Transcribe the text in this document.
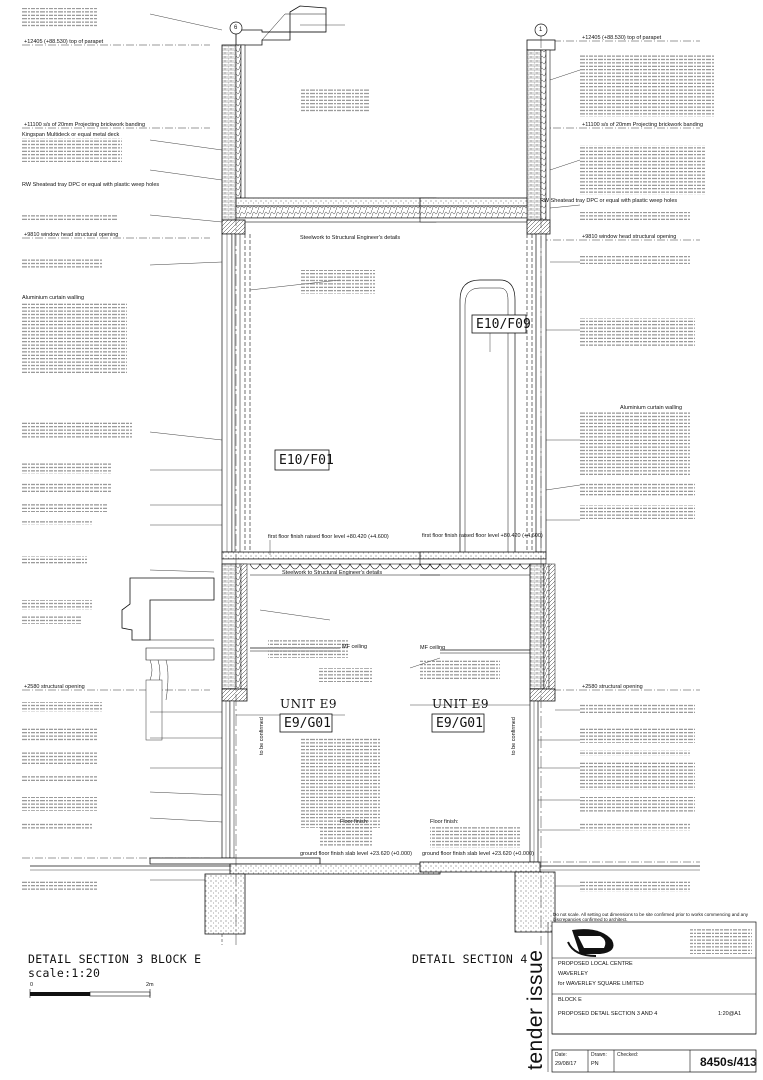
6	1
+12405 (+88.530) top of parapet
+11100 s/s of 20mm Projecting brickwork banding
+9810 window head structural opening
first floor finish raised floor level +80.420 (+4.600)
+2580 structural opening
ground floor finish slab level +23.620 (+0.000)
+12405 (+88.530) top of parapet
+11100 s/s of 20mm Projecting brickwork banding
+9810 window head structural opening
first floor finish raised floor level +80.420 (+4.600)
+2580 structural opening
ground floor finish slab level +23.620 (+0.000)
Steelwork to Structural Engineer's details
Steelwork to Structural Engineer's details
MF ceiling	MF ceiling
Aluminium curtain walling
Aluminium curtain walling
Kingspan Multideck or equal metal deck
RW Sheatead tray DPC or equal with plastic weep holes
RW Sheatead tray DPC or equal with plastic weep holes
Floor finish:	Floor finish:
to be confirmed	to be confirmed
E10/F01
E10/F09
UNIT E9	UNIT E9
E9/G01	E9/G01
DETAIL SECTION 3 BLOCK E
scale:1:20
DETAIL SECTION 4
0	2m	tender issue
Do not scale. All setting out dimensions to be site confirmed prior to works commencing and any discrepancies confirmed to architect.
PROPOSED LOCAL CENTRE
WAVERLEY
for WAVERLEY SQUARE LIMITED
BLOCK E
PROPOSED DETAIL SECTION 3 AND 4	1:20@A1
Date:
29/08/17
Drawn:
PN
Checked:	8450s/413
